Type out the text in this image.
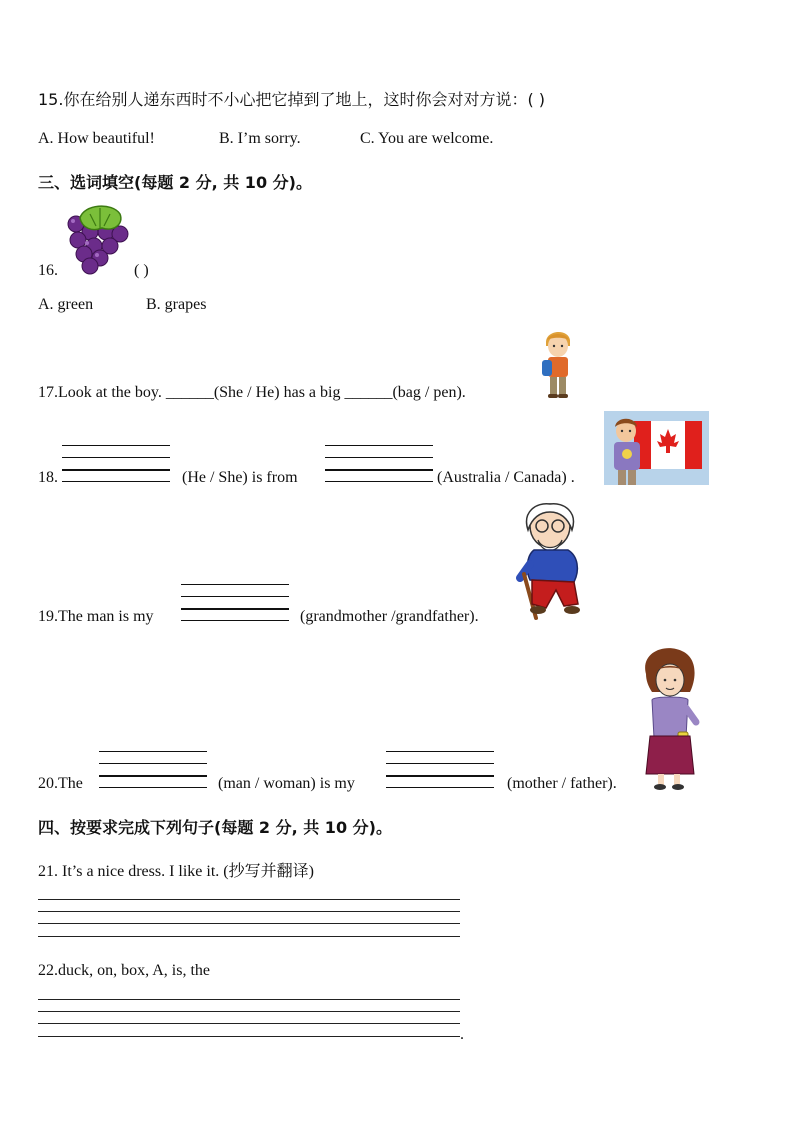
15.你在给别人递东西时不小心把它掉到了地上，这时你会对对方说：( )
A. How beautiful!	B. I’m sorry.	C. You are welcome.
三、选词填空(每题 2 分, 共 10 分)。
16.	( )
A. green	B. grapes
17.Look at the boy. ______(She / He) has a big ______(bag / pen).
18.	(He / She) is from	(Australia / Canada) .
19.The man is my	(grandmother /grandfather).
20.The	(man / woman) is my	(mother / father).
四、按要求完成下列句子(每题 2 分, 共 10 分)。
21. It’s a nice dress. I like it. (抄写并翻译)
22.duck, on, box, A, is, the
.
